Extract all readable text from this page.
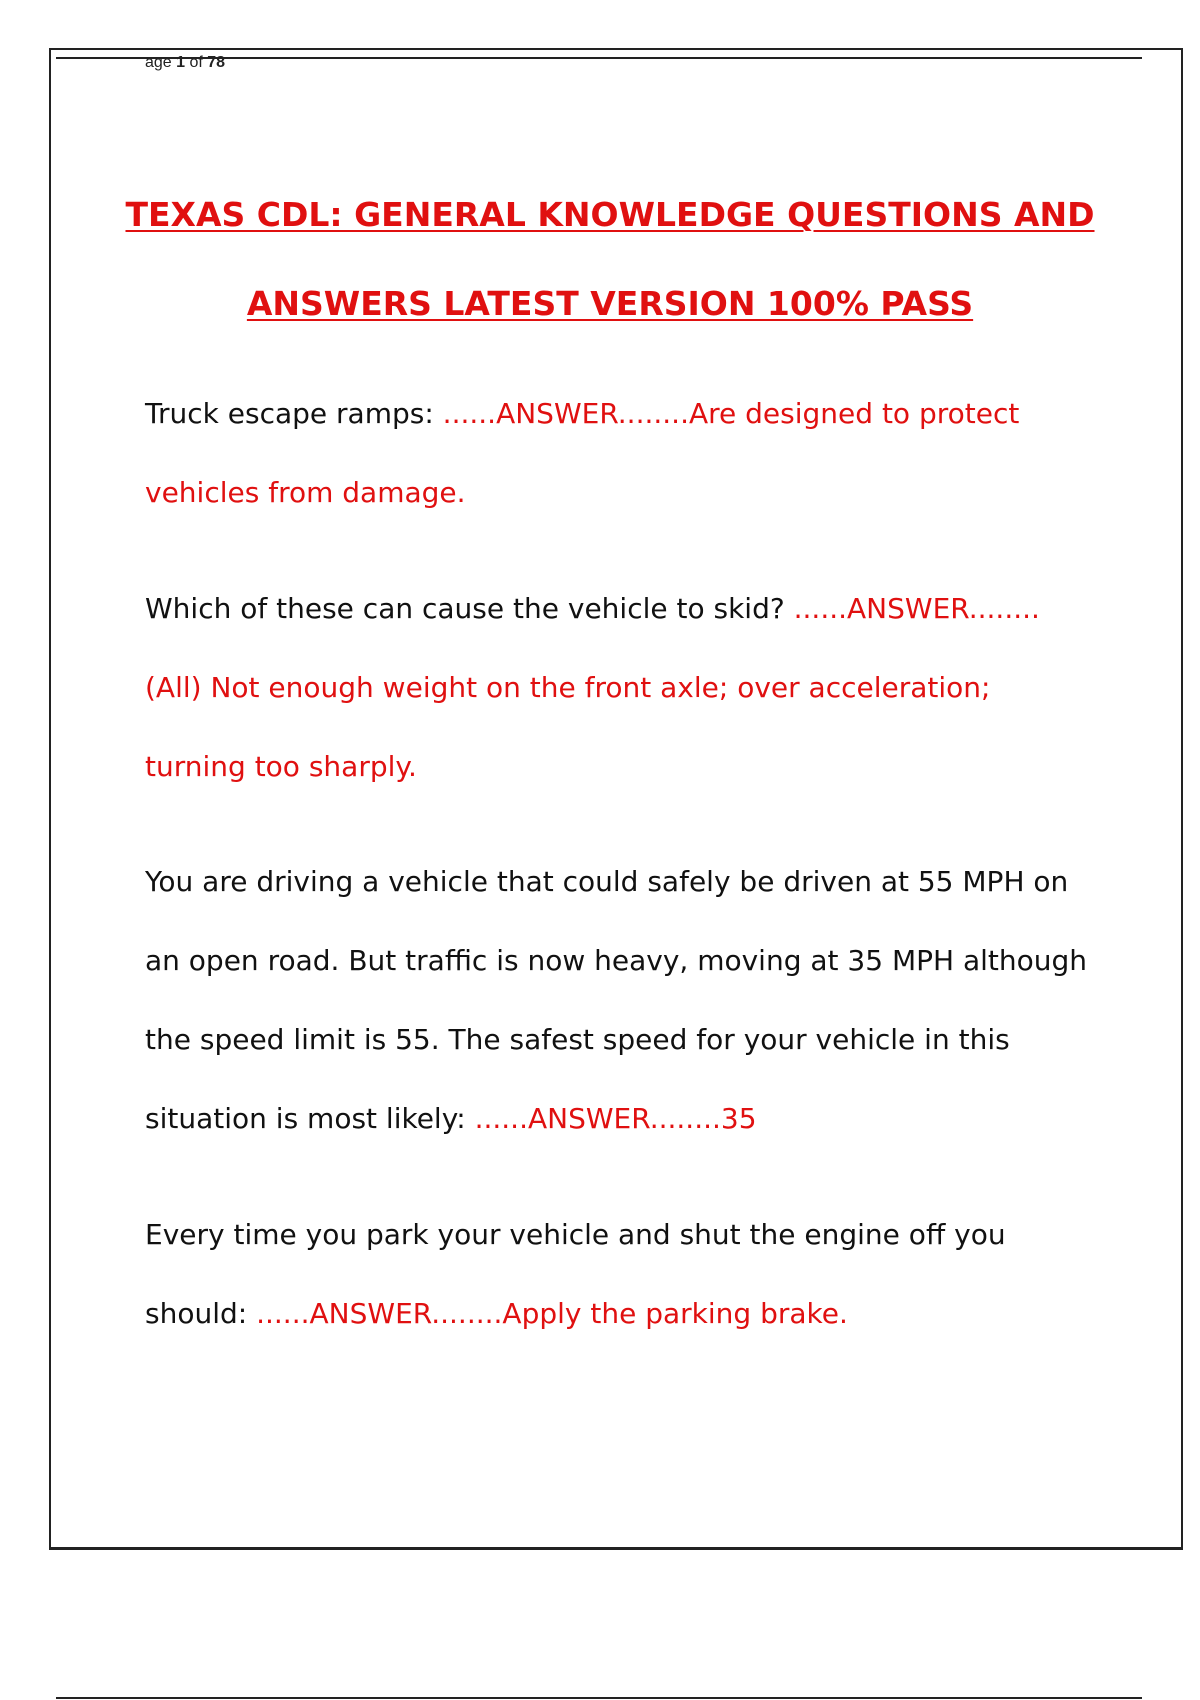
age 1 of 78
TEXAS CDL: GENERAL KNOWLEDGE QUESTIONS AND
ANSWERS LATEST VERSION 100% PASS
Truck escape ramps: ......ANSWER........Are designed to protect vehicles from damage.
Which of these can cause the vehicle to skid? ......ANSWER........(All) Not enough weight on the front axle; over acceleration; turning too sharply.
You are driving a vehicle that could safely be driven at 55 MPH on an open road. But traffic is now heavy, moving at 35 MPH although the speed limit is 55. The safest speed for your vehicle in this situation is most likely: ......ANSWER........35
Every time you park your vehicle and shut the engine off you should: ......ANSWER........Apply the parking brake.
